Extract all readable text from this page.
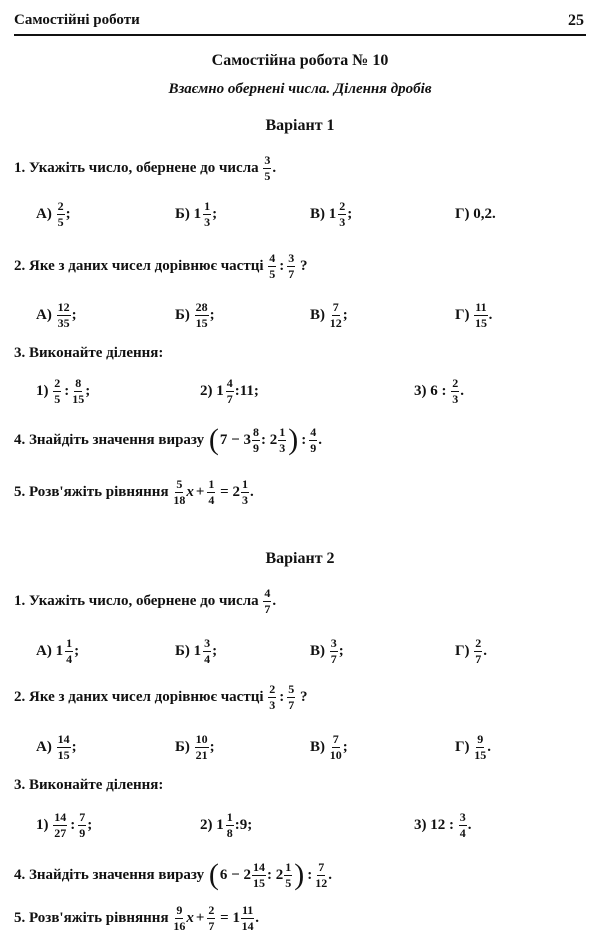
Самостійні роботи	25
Самостійна робота № 10
Взаємно обернені числа. Ділення дробів
Варіант 1
1. Укажіть число, обернене до числа
$\frac{3}{5}$ .
А)
$\frac{2}{5}$ ;	Б)
$1 \frac{1}{3}$ ;	В)
$1 \frac{2}{3}$ ;	Г)
0,2.
2. Яке з даних чисел дорівнює частці
$\frac{4}{5}$ : $\frac{3}{7}$
?
А)
$\frac{12}{35}$ ;	Б)
$\frac{28}{15}$ ;	В)
$\frac{7}{12}$ ;	Г)
$\frac{11}{15}$ .
3. Виконайте ділення:
1)
$\frac{2}{5}$ : $\frac{8}{15}$ ;	2)
$1 \frac{4}{7}$ :11;	3)
6 :
$\frac{2}{3}$ .
4. Знайдіть значення виразу
( $7 - 3 \frac{8}{9}$ : $2 \frac{1}{3}$ ) : $\frac{4}{9}$ .
5. Розв'яжіть рівняння
$\frac{5}{18}$ $x + \frac{1}{4}$
= $2 \frac{1}{3}$ .
Варіант 2
1. Укажіть число, обернене до числа
$\frac{4}{7}$ .
А)
$1 \frac{1}{4}$ ;	Б)
$1 \frac{3}{4}$ ;	В)
$\frac{3}{7}$ ;	Г)
$\frac{2}{7}$ .
2. Яке з даних чисел дорівнює частці
$\frac{2}{3}$ : $\frac{5}{7}$
?
А)
$\frac{14}{15}$ ;	Б)
$\frac{10}{21}$ ;	В)
$\frac{7}{10}$ ;	Г)
$\frac{9}{15}$ .
3. Виконайте ділення:
1)
$\frac{14}{27}$ : $\frac{7}{9}$ ;	2)
$1 \frac{1}{8}$ :9;	3)
12 :
$\frac{3}{4}$ .
4. Знайдіть значення виразу
( $6 - 2 \frac{14}{15}$ : $2 \frac{1}{5}$ ) : $\frac{7}{12}$ .
5. Розв'яжіть рівняння
$\frac{9}{16}$ $x + \frac{2}{7}$
= $1 \frac{11}{14}$ .
